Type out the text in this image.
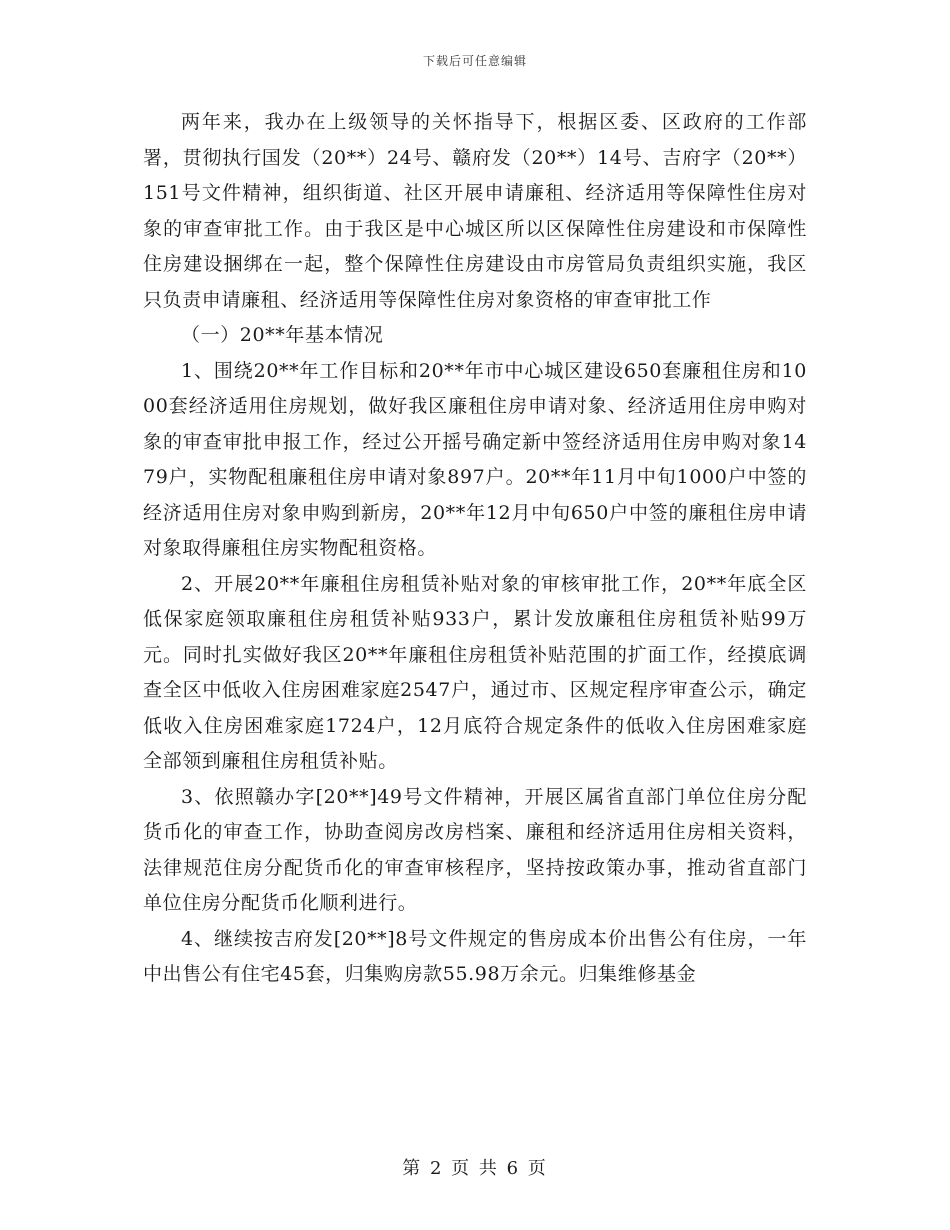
下载后可任意编辑

两年来，我办在上级领导的关怀指导下，根据区委、区政府的工作部署，贯彻执行国发（20**）24号、赣府发（20**）14号、吉府字（20**）151号文件精神，组织街道、社区开展申请廉租、经济适用等保障性住房对象的审查审批工作。由于我区是中心城区所以区保障性住房建设和市保障性住房建设捆绑在一起，整个保障性住房建设由市房管局负责组织实施，我区只负责申请廉租、经济适用等保障性住房对象资格的审查审批工作

（一）20**年基本情况

1、围绕20**年工作目标和20**年市中心城区建设650套廉租住房和1000套经济适用住房规划，做好我区廉租住房申请对象、经济适用住房申购对象的审查审批申报工作，经过公开摇号确定新中签经济适用住房申购对象1479户，实物配租廉租住房申请对象897户。20**年11月中旬1000户中签的经济适用住房对象申购到新房，20**年12月中旬650户中签的廉租住房申请对象取得廉租住房实物配租资格。

2、开展20**年廉租住房租赁补贴对象的审核审批工作，20**年底全区低保家庭领取廉租住房租赁补贴933户，累计发放廉租住房租赁补贴99万元。同时扎实做好我区20**年廉租住房租赁补贴范围的扩面工作，经摸底调查全区中低收入住房困难家庭2547户，通过市、区规定程序审查公示，确定低收入住房困难家庭1724户，12月底符合规定条件的低收入住房困难家庭全部领到廉租住房租赁补贴。

3、依照赣办字[20**]49号文件精神，开展区属省直部门单位住房分配货币化的审查工作，协助查阅房改房档案、廉租和经济适用住房相关资料，法律规范住房分配货币化的审查审核程序，坚持按政策办事，推动省直部门单位住房分配货币化顺利进行。

4、继续按吉府发[20**]8号文件规定的售房成本价出售公有住房，一年中出售公有住宅45套，归集购房款55.98万余元。归集维修基金

第 2 页 共 6 页
